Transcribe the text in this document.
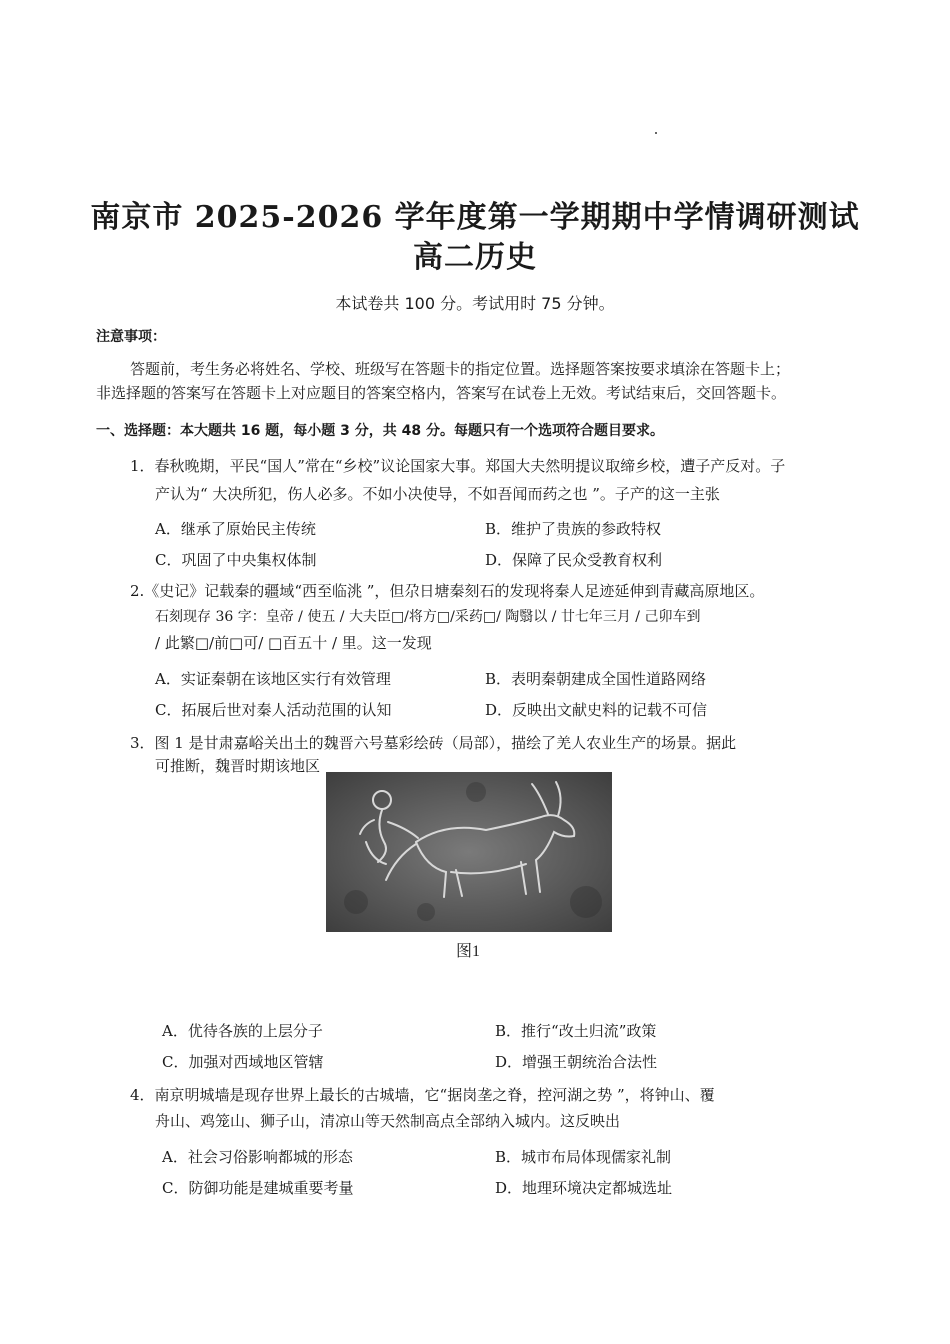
南京市 2025-2026 学年度第一学期期中学情调研测试
高二历史
本试卷共 100 分。考试用时 75 分钟。
注意事项：
答题前，考生务必将姓名、学校、班级写在答题卡的指定位置。选择题答案按要求填涂在答题卡上；
非选择题的答案写在答题卡上对应题目的答案空格内，答案写在试卷上无效。考试结束后，交回答题卡。
一、选择题：本大题共 16 题，每小题 3 分，共 48 分。每题只有一个选项符合题目要求。
1．春秋晚期，平民“国人”常在“乡校”议论国家大事。郑国大夫然明提议取缔乡校，遭子产反对。子
产认为“ 大决所犯，伤人必多。不如小决使导，不如吾闻而药之也 ”。子产的这一主张
A．继承了原始民主传统	B．维护了贵族的参政特权
C．巩固了中央集权体制	D．保障了民众受教育权利
2.《史记》记载秦的疆域“西至临洮 ”，但尕日塘秦刻石的发现将秦人足迹延伸到青藏高原地区。
石刻现存 36 字：皇帝 / 使五 / 大夫臣□/将方□/采药□/ 陶翳以 / 廿七年三月 / 己卯车到
/ 此繁□/前□可/ □百五十 / 里。这一发现
A．实证秦朝在该地区实行有效管理	B．表明秦朝建成全国性道路网络
C．拓展后世对秦人活动范围的认知	D．反映出文献史料的记载不可信
3．图 1 是甘肃嘉峪关出土的魏晋六号墓彩绘砖（局部），描绘了羌人农业生产的场景。据此
可推断，魏晋时期该地区
图1
A．优待各族的上层分子	B．推行“改土归流”政策
C．加强对西域地区管辖	D．增强王朝统治合法性
4．南京明城墙是现存世界上最长的古城墙，它“据岗垄之脊，控河湖之势 ”，将钟山、覆
舟山、鸡笼山、狮子山，清凉山等天然制高点全部纳入城内。这反映出
A．社会习俗影响都城的形态	B．城市布局体现儒家礼制
C．防御功能是建城重要考量	D．地理环境决定都城选址
